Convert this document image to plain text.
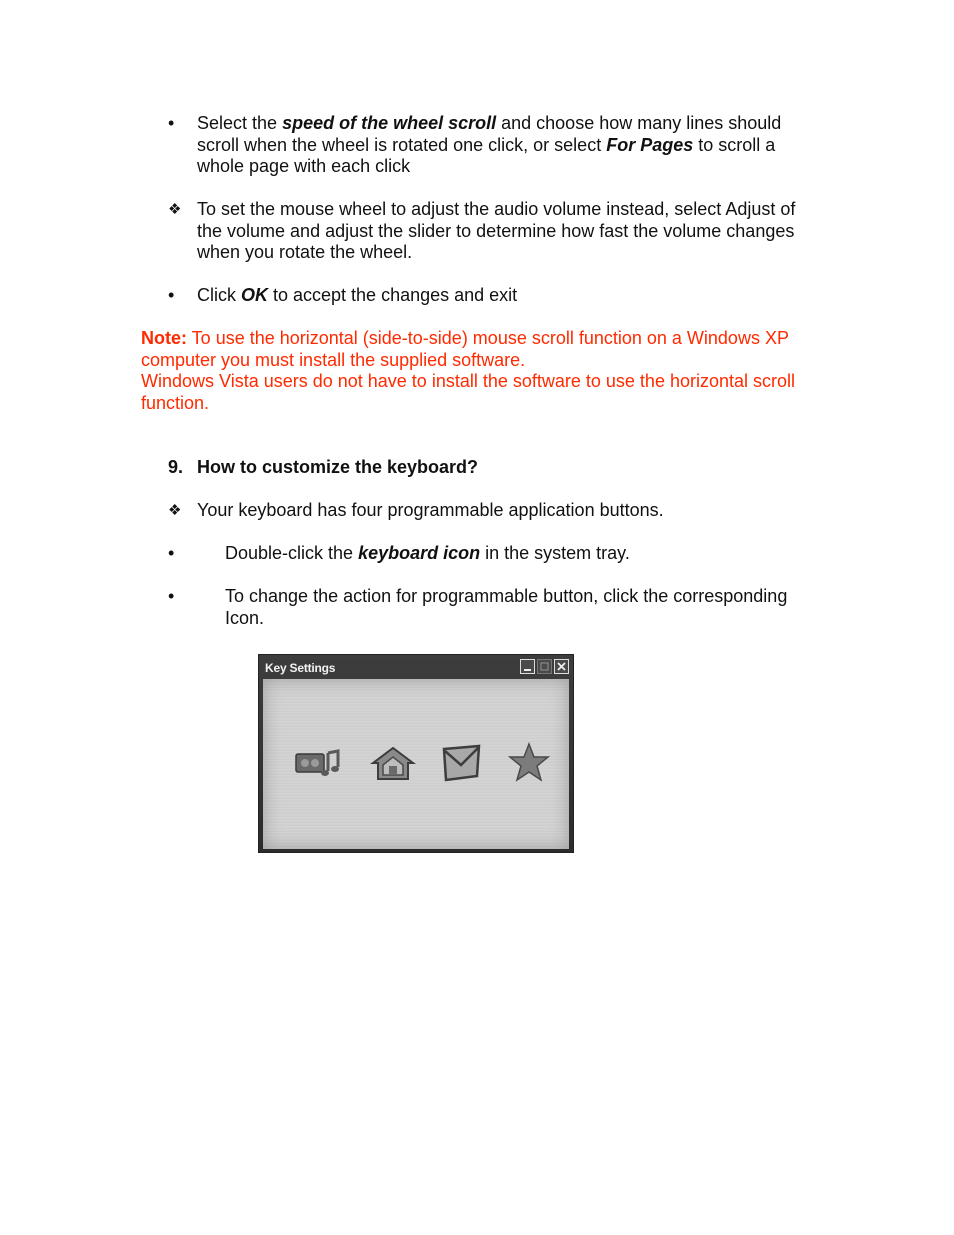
• Select the speed of the wheel scroll and choose how many lines should scroll when the wheel is rotated one click, or select For Pages to scroll a whole page with each click
❖ To set the mouse wheel to adjust the audio volume instead, select Adjust of the volume and adjust the slider to determine how fast the volume changes when you rotate the wheel.
• Click OK to accept the changes and exit
Note: To use the horizontal (side-to-side) mouse scroll function on a Windows XP computer you must install the supplied software.
Windows Vista users do not have to install the software to use the horizontal scroll function.
9. How to customize the keyboard?
❖ Your keyboard has four programmable application buttons.
•	Double-click the keyboard icon in the system tray.
•	To change the action for programmable button, click the corresponding Icon.
Key Settings
